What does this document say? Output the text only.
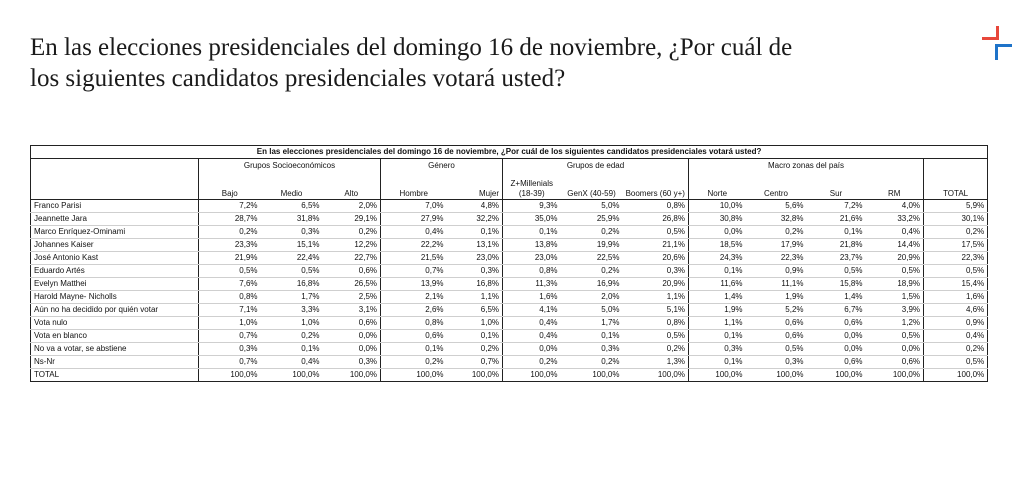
En las elecciones presidenciales del domingo 16 de noviembre, ¿Por cuál de los siguientes candidatos presidenciales votará usted?
En las elecciones presidenciales del domingo 16 de noviembre, ¿Por cuál de los siguientes candidatos presidenciales votará usted?													
	Grupos Socioeconómicos			Género		Grupos de edad			Macro zonas del país				
	Bajo	Medio	Alto	Hombre	Mujer	Z+Millenials (18-39)	GenX (40-59)	Boomers (60 y+)	Norte	Centro	Sur	RM	TOTAL
Franco Parisi	7,2%	6,5%	2,0%	7,0%	4,8%	9,3%	5,0%	0,8%	10,0%	5,6%	7,2%	4,0%	5,9%
Jeannette Jara	28,7%	31,8%	29,1%	27,9%	32,2%	35,0%	25,9%	26,8%	30,8%	32,8%	21,6%	33,2%	30,1%
Marco Enríquez-Ominami	0,2%	0,3%	0,2%	0,4%	0,1%	0,1%	0,2%	0,5%	0,0%	0,2%	0,1%	0,4%	0,2%
Johannes Kaiser	23,3%	15,1%	12,2%	22,2%	13,1%	13,8%	19,9%	21,1%	18,5%	17,9%	21,8%	14,4%	17,5%
José Antonio Kast	21,9%	22,4%	22,7%	21,5%	23,0%	23,0%	22,5%	20,6%	24,3%	22,3%	23,7%	20,9%	22,3%
Eduardo Artés	0,5%	0,5%	0,6%	0,7%	0,3%	0,8%	0,2%	0,3%	0,1%	0,9%	0,5%	0,5%	0,5%
Evelyn Matthei	7,6%	16,8%	26,5%	13,9%	16,8%	11,3%	16,9%	20,9%	11,6%	11,1%	15,8%	18,9%	15,4%
Harold Mayne- Nicholls	0,8%	1,7%	2,5%	2,1%	1,1%	1,6%	2,0%	1,1%	1,4%	1,9%	1,4%	1,5%	1,6%
Aún no ha decidido por quién votar	7,1%	3,3%	3,1%	2,6%	6,5%	4,1%	5,0%	5,1%	1,9%	5,2%	6,7%	3,9%	4,6%
Vota nulo	1,0%	1,0%	0,6%	0,8%	1,0%	0,4%	1,7%	0,8%	1,1%	0,6%	0,6%	1,2%	0,9%
Vota en blanco	0,7%	0,2%	0,0%	0,6%	0,1%	0,4%	0,1%	0,5%	0,1%	0,6%	0,0%	0,5%	0,4%
No va a votar, se abstiene	0,3%	0,1%	0,0%	0,1%	0,2%	0,0%	0,3%	0,2%	0,3%	0,5%	0,0%	0,0%	0,2%
Ns-Nr	0,7%	0,4%	0,3%	0,2%	0,7%	0,2%	0,2%	1,3%	0,1%	0,3%	0,6%	0,6%	0,5%
TOTAL	100,0%	100,0%	100,0%	100,0%	100,0%	100,0%	100,0%	100,0%	100,0%	100,0%	100,0%	100,0%	100,0%
